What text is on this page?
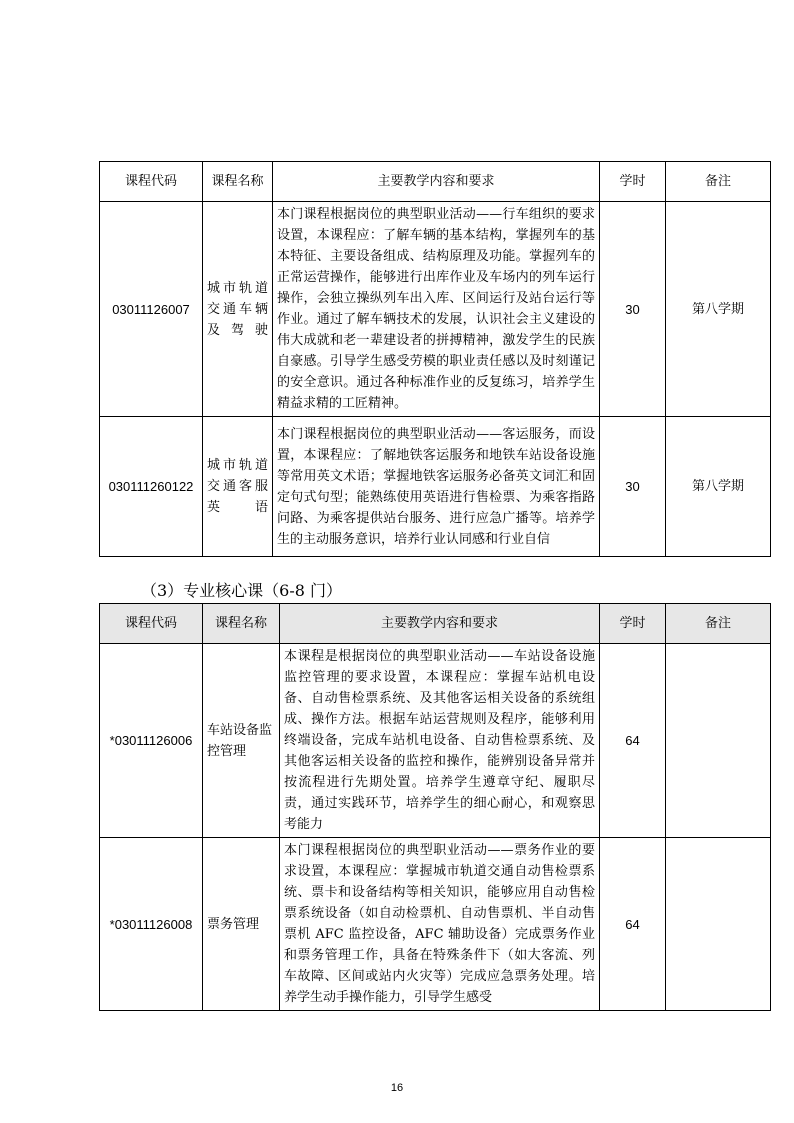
课程代码	课程名称	主要教学内容和要求	学时	备注
03011126007	城市轨道交通车辆及驾驶	本门课程根据岗位的典型职业活动——行车组织的要求设置，本课程应：了解车辆的基本结构，掌握列车的基本特征、主要设备组成、结构原理及功能。掌握列车的正常运营操作，能够进行出库作业及车场内的列车运行操作，会独立操纵列车出入库、区间运行及站台运行等作业。通过了解车辆技术的发展，认识社会主义建设的伟大成就和老一辈建设者的拼搏精神，激发学生的民族自豪感。引导学生感受劳模的职业责任感以及时刻谨记的安全意识。通过各种标准作业的反复练习，培养学生精益求精的工匠精神。	30	第八学期
030111260122	城市轨道交通客服英语	本门课程根据岗位的典型职业活动——客运服务，而设置，本课程应：了解地铁客运服务和地铁车站设备设施等常用英文术语；掌握地铁客运服务必备英文词汇和固定句式句型；能熟练使用英语进行售检票、为乘客指路问路、为乘客提供站台服务、进行应急广播等。培养学生的主动服务意识，培养行业认同感和行业自信	30	第八学期
（3）专业核心课（6-8 门）
课程代码	课程名称	主要教学内容和要求	学时	备注
*03011126006	车站设备监控管理	本课程是根据岗位的典型职业活动——车站设备设施监控管理的要求设置，本课程应：掌握车站机电设备、自动售检票系统、及其他客运相关设备的系统组成、操作方法。根据车站运营规则及程序，能够利用终端设备，完成车站机电设备、自动售检票系统、及其他客运相关设备的监控和操作，能辨别设备异常并按流程进行先期处置。培养学生遵章守纪、履职尽责，通过实践环节，培养学生的细心耐心，和观察思考能力	64	
*03011126008	票务管理	本门课程根据岗位的典型职业活动——票务作业的要求设置，本课程应：掌握城市轨道交通自动售检票系统、票卡和设备结构等相关知识，能够应用自动售检票系统设备（如自动检票机、自动售票机、半自动售票机 AFC 监控设备，AFC 辅助设备）完成票务作业和票务管理工作，具备在特殊条件下（如大客流、列车故障、区间或站内火灾等）完成应急票务处理。培养学生动手操作能力，引导学生感受	64	
16
